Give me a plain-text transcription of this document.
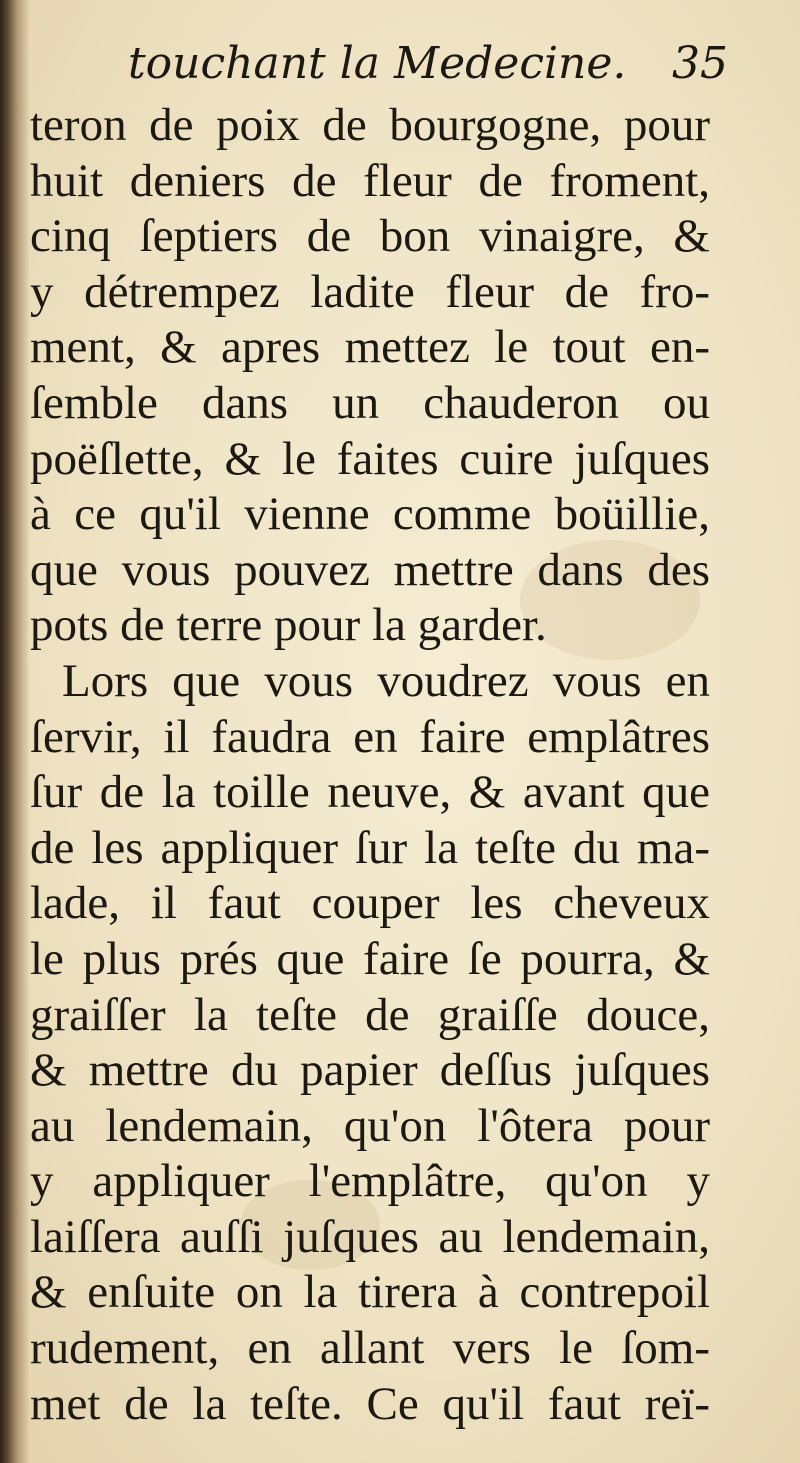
touchant la Medecine. 35
teron de poix de bourgogne, pour
huit deniers de fleur de froment,
cinq ſeptiers de bon vinaigre, &
y détrempez ladite fleur de fro-
ment, & apres mettez le tout en-
ſemble dans un chauderon ou
poëſlette, & le faites cuire juſques
à ce qu'il vienne comme boüillie,
que vous pouvez mettre dans des
pots de terre pour la garder.
Lors que vous voudrez vous en
ſervir, il faudra en faire emplâtres
ſur de la toille neuve, & avant que
de les appliquer ſur la teſte du ma-
lade, il faut couper les cheveux
le plus prés que faire ſe pourra, &
graiſſer la teſte de graiſſe douce,
& mettre du papier deſſus juſques
au lendemain, qu'on l'ôtera pour
y appliquer l'emplâtre, qu'on y
laiſſera auſſi juſques au lendemain,
& enſuite on la tirera à contrepoil
rudement, en allant vers le ſom-
met de la teſte. Ce qu'il faut reï-
